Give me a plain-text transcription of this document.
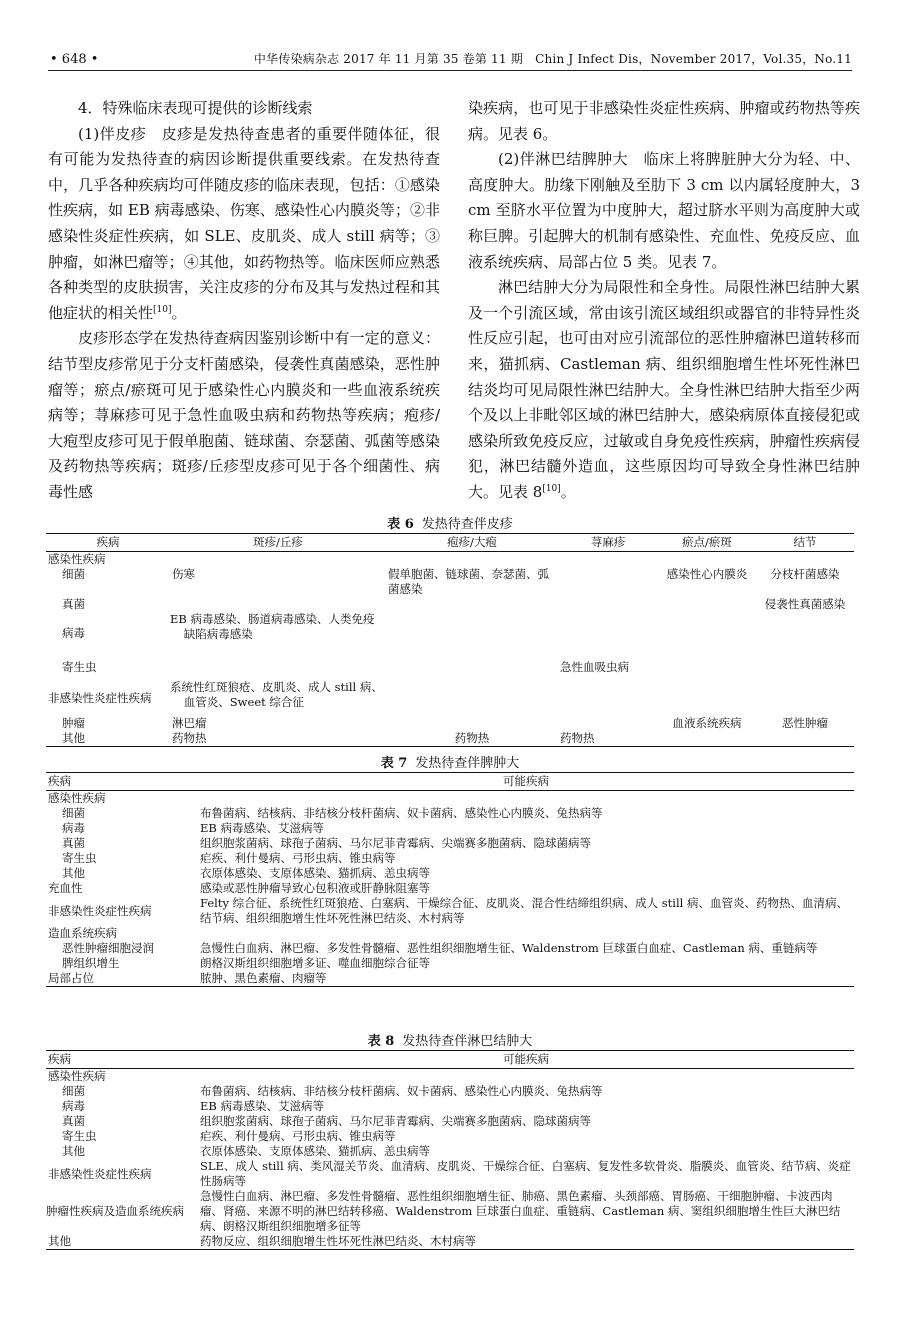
• 648 •	中华传染病杂志 2017 年 11 月第 35 卷第 11 期　Chin J Infect Dis，November 2017，Vol.35，No.11

4．特殊临床表现可提供的诊断线索

(1)伴皮疹　皮疹是发热待查患者的重要伴随体征，很有可能为发热待查的病因诊断提供重要线索。在发热待查中，几乎各种疾病均可伴随皮疹的临床表现，包括：①感染性疾病，如 EB 病毒感染、伤寒、感染性心内膜炎等；②非感染性炎症性疾病，如 SLE、皮肌炎、成人 still 病等；③肿瘤，如淋巴瘤等；④其他，如药物热等。临床医师应熟悉各种类型的皮肤损害，关注皮疹的分布及其与发热过程和其他症状的相关性[10]。

皮疹形态学在发热待查病因鉴别诊断中有一定的意义：结节型皮疹常见于分支杆菌感染，侵袭性真菌感染，恶性肿瘤等；瘀点/瘀斑可见于感染性心内膜炎和一些血液系统疾病等；荨麻疹可见于急性血吸虫病和药物热等疾病；疱疹/大疱型皮疹可见于假单胞菌、链球菌、奈瑟菌、弧菌等感染及药物热等疾病；斑疹/丘疹型皮疹可见于各个细菌性、病毒性感

染疾病，也可见于非感染性炎症性疾病、肿瘤或药物热等疾病。见表 6。

(2)伴淋巴结脾肿大　临床上将脾脏肿大分为轻、中、高度肿大。肋缘下刚触及至肋下 3 cm 以内属轻度肿大，3 cm 至脐水平位置为中度肿大，超过脐水平则为高度肿大或称巨脾。引起脾大的机制有感染性、充血性、免疫反应、血液系统疾病、局部占位 5 类。见表 7。

淋巴结肿大分为局限性和全身性。局限性淋巴结肿大累及一个引流区域，常由该引流区域组织或器官的非特异性炎性反应引起，也可由对应引流部位的恶性肿瘤淋巴道转移而来，猫抓病、Castleman 病、组织细胞增生性坏死性淋巴结炎均可见局限性淋巴结肿大。全身性淋巴结肿大指至少两个及以上非毗邻区域的淋巴结肿大，感染病原体直接侵犯或感染所致免疫反应，过敏或自身免疫性疾病，肿瘤性疾病侵犯，淋巴结髓外造血，这些原因均可导致全身性淋巴结肿大。见表 8[10]。

表 6 发热待查伴皮疹
疾病	斑疹/丘疹	疱疹/大疱	荨麻疹	瘀点/瘀斑	结节
感染性疾病					
细菌	伤寒	假单胞菌、链球菌、奈瑟菌、弧菌感染		感染性心内膜炎	分枝杆菌感染
真菌					侵袭性真菌感染
病毒	EB 病毒感染、肠道病毒感染、人类免疫缺陷病毒感染				
寄生虫			急性血吸虫病		
非感染性炎症性疾病	系统性红斑狼疮、皮肌炎、成人 still 病、血管炎、Sweet 综合征				
肿瘤	淋巴瘤			血液系统疾病	恶性肿瘤
其他	药物热	药物热	药物热		
表 7 发热待查伴脾肿大
疾病	可能疾病
感染性疾病	
细菌	布鲁菌病、结核病、非结核分枝杆菌病、奴卡菌病、感染性心内膜炎、兔热病等
病毒	EB 病毒感染、艾滋病等
真菌	组织胞浆菌病、球孢子菌病、马尔尼菲青霉病、尖端赛多胞菌病、隐球菌病等
寄生虫	疟疾、利什曼病、弓形虫病、锥虫病等
其他	衣原体感染、支原体感染、猫抓病、恙虫病等
充血性	感染或恶性肿瘤导致心包积液或肝静脉阻塞等
非感染性炎症性疾病	Felty 综合征、系统性红斑狼疮、白塞病、干燥综合征、皮肌炎、混合性结缔组织病、成人 still 病、血管炎、药物热、血清病、结节病、组织细胞增生性坏死性淋巴结炎、木村病等
造血系统疾病	
恶性肿瘤细胞浸润	急慢性白血病、淋巴瘤、多发性骨髓瘤、恶性组织细胞增生征、Waldenstrom 巨球蛋白血症、Castleman 病、重链病等
脾组织增生	朗格汉斯组织细胞增多证、噬血细胞综合征等
局部占位	脓肿、黑色素瘤、肉瘤等
表 8 发热待查伴淋巴结肿大
疾病	可能疾病
感染性疾病	
细菌	布鲁菌病、结核病、非结核分枝杆菌病、奴卡菌病、感染性心内膜炎、兔热病等
病毒	EB 病毒感染、艾滋病等
真菌	组织胞浆菌病、球孢子菌病、马尔尼菲青霉病、尖端赛多胞菌病、隐球菌病等
寄生虫	疟疾、利什曼病、弓形虫病、锥虫病等
其他	衣原体感染、支原体感染、猫抓病、恙虫病等
非感染性炎症性疾病	SLE、成人 still 病、类风湿关节炎、血清病、皮肌炎、干燥综合征、白塞病、复发性多软骨炎、脂膜炎、血管炎、结节病、炎症性肠病等
肿瘤性疾病及造血系统疾病	急慢性白血病、淋巴瘤、多发性骨髓瘤、恶性组织细胞增生征、肺癌、黑色素瘤、头颈部癌、胃肠癌、干细胞肿瘤、卡波西肉瘤、肾癌、来源不明的淋巴结转移癌、Waldenstrom 巨球蛋白血症、重链病、Castleman 病、窦组织细胞增生性巨大淋巴结病、朗格汉斯组织细胞增多征等
其他	药物反应、组织细胞增生性坏死性淋巴结炎、木村病等
